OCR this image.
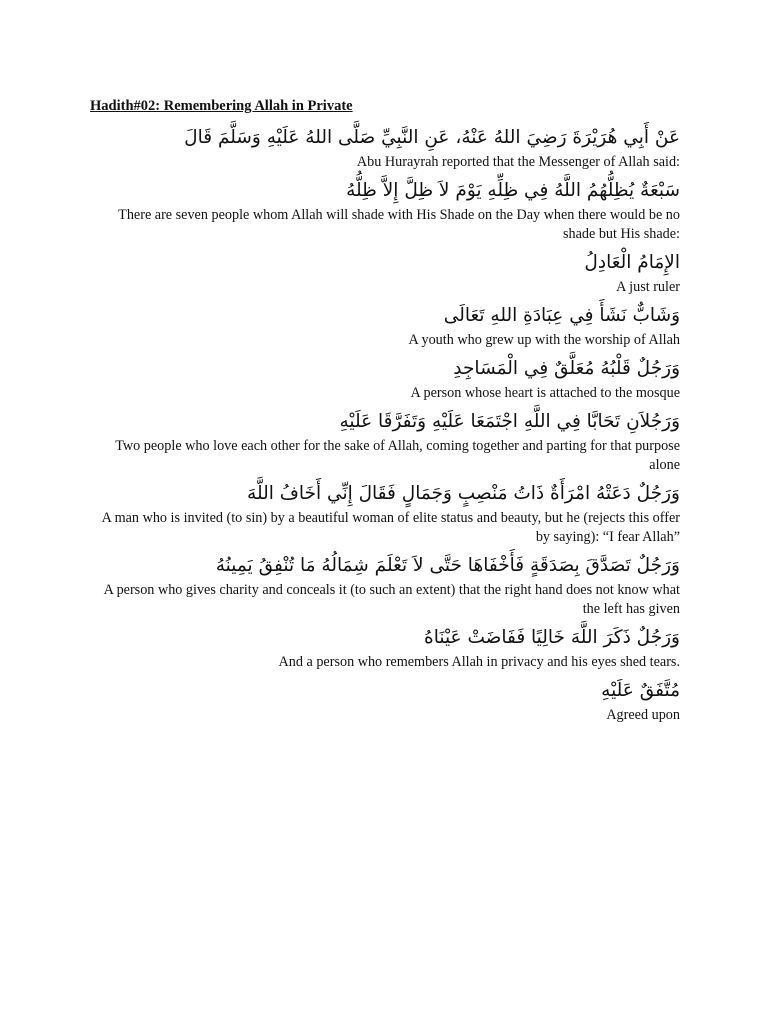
Hadith#02: Remembering Allah in Private

عَنْ أَبِي هُرَيْرَةَ رَضِيَ اللهُ عَنْهُ، عَنِ النَّبِيِّ صَلَّى اللهُ عَلَيْهِ وَسَلَّمَ قَالَ

Abu Hurayrah reported that the Messenger of Allah said:

سَبْعَةٌ يُظِلُّهُمُ اللَّهُ فِي ظِلِّهِ يَوْمَ لاَ ظِلَّ إِلاَّ ظِلُّهُ

There are seven people whom Allah will shade with His Shade on the Day when there would be no shade but His shade:

الإِمَامُ الْعَادِلُ

A just ruler

وَشَابٌّ نَشَأَ فِي عِبَادَةِ اللهِ تَعَالَى

A youth who grew up with the worship of Allah

وَرَجُلٌ قَلْبُهُ مُعَلَّقٌ فِي الْمَسَاجِدِ

A person whose heart is attached to the mosque

وَرَجُلاَنِ تَحَابَّا فِي اللَّهِ اجْتَمَعَا عَلَيْهِ وَتَفَرَّقَا عَلَيْهِ

Two people who love each other for the sake of Allah, coming together and parting for that purpose alone

وَرَجُلٌ دَعَتْهُ امْرَأَةٌ ذَاتُ مَنْصِبٍ وَجَمَالٍ فَقَالَ إِنِّي أَخَافُ اللَّهَ

A man who is invited (to sin) by a beautiful woman of elite status and beauty, but he (rejects this offer by saying): “I fear Allah”

وَرَجُلٌ تَصَدَّقَ بِصَدَقَةٍ فَأَخْفَاهَا حَتَّى لاَ تَعْلَمَ شِمَالُهُ مَا تُنْفِقُ يَمِينُهُ

A person who gives charity and conceals it (to such an extent) that the right hand does not know what the left has given

وَرَجُلٌ ذَكَرَ اللَّهَ خَالِيًا فَفَاضَتْ عَيْنَاهُ

And a person who remembers Allah in privacy and his eyes shed tears.

مُتَّفَقٌ عَلَيْهِ

Agreed upon
